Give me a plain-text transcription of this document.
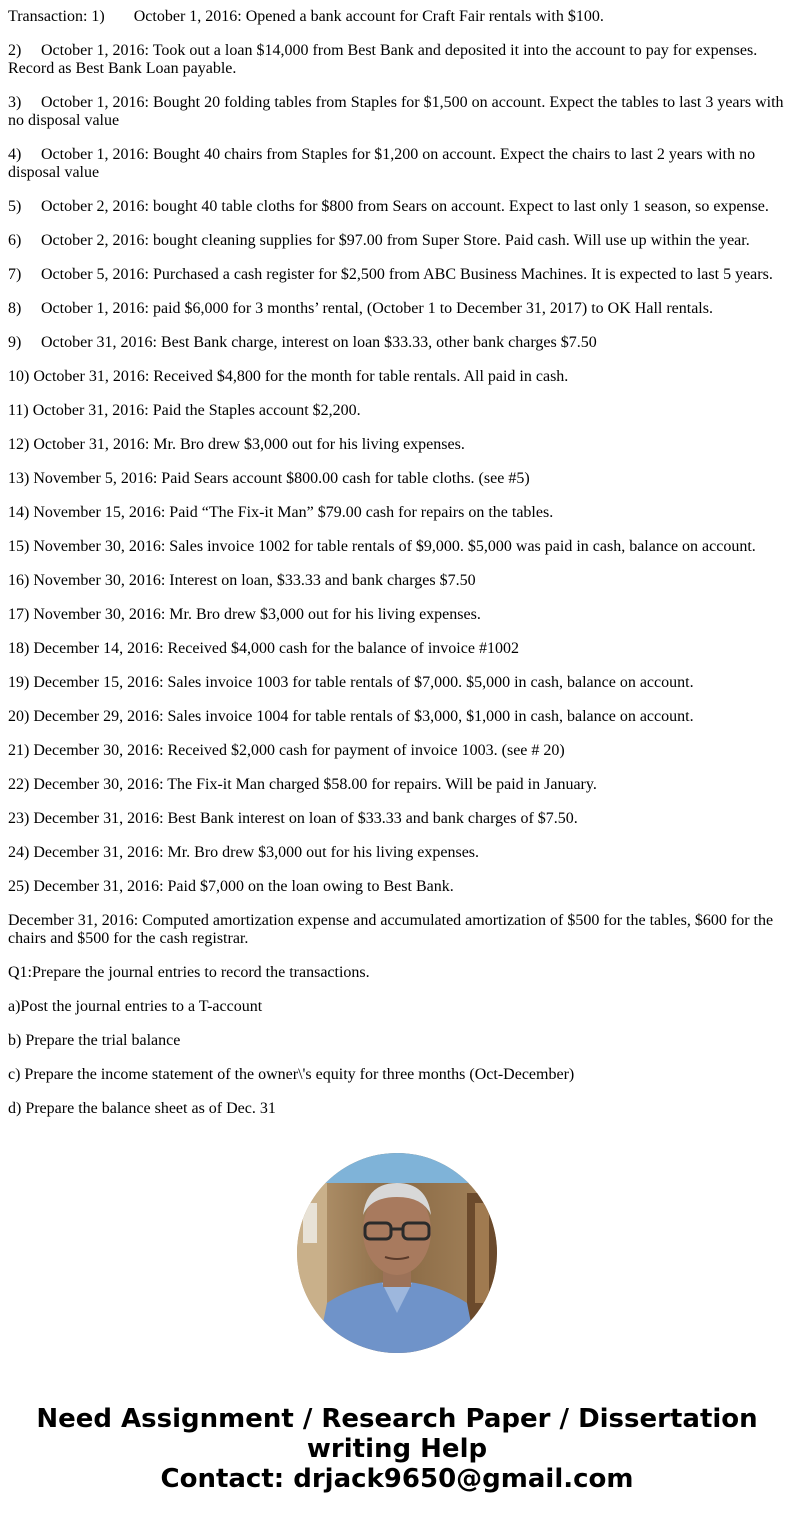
Transaction: 1) October 1, 2016: Opened a bank account for Craft Fair rentals with $100.

2) October 1, 2016: Took out a loan $14,000 from Best Bank and deposited it into the account to pay for expenses. Record as Best Bank Loan payable.

3) October 1, 2016: Bought 20 folding tables from Staples for $1,500 on account. Expect the tables to last 3 years with no disposal value

4) October 1, 2016: Bought 40 chairs from Staples for $1,200 on account. Expect the chairs to last 2 years with no disposal value

5) October 2, 2016: bought 40 table cloths for $800 from Sears on account. Expect to last only 1 season, so expense.

6) October 2, 2016: bought cleaning supplies for $97.00 from Super Store. Paid cash. Will use up within the year.

7) October 5, 2016: Purchased a cash register for $2,500 from ABC Business Machines. It is expected to last 5 years.

8) October 1, 2016: paid $6,000 for 3 months’ rental, (October 1 to December 31, 2017) to OK Hall rentals.

9) October 31, 2016: Best Bank charge, interest on loan $33.33, other bank charges $7.50

10) October 31, 2016: Received $4,800 for the month for table rentals. All paid in cash.

11) October 31, 2016: Paid the Staples account $2,200.

12) October 31, 2016: Mr. Bro drew $3,000 out for his living expenses.

13) November 5, 2016: Paid Sears account $800.00 cash for table cloths. (see #5)

14) November 15, 2016: Paid “The Fix-it Man” $79.00 cash for repairs on the tables.

15) November 30, 2016: Sales invoice 1002 for table rentals of $9,000. $5,000 was paid in cash, balance on account.

16) November 30, 2016: Interest on loan, $33.33 and bank charges $7.50

17) November 30, 2016: Mr. Bro drew $3,000 out for his living expenses.

18) December 14, 2016: Received $4,000 cash for the balance of invoice #1002

19) December 15, 2016: Sales invoice 1003 for table rentals of $7,000. $5,000 in cash, balance on account.

20) December 29, 2016: Sales invoice 1004 for table rentals of $3,000, $1,000 in cash, balance on account.

21) December 30, 2016: Received $2,000 cash for payment of invoice 1003. (see # 20)

22) December 30, 2016: The Fix-it Man charged $58.00 for repairs. Will be paid in January.

23) December 31, 2016: Best Bank interest on loan of $33.33 and bank charges of $7.50.

24) December 31, 2016: Mr. Bro drew $3,000 out for his living expenses.

25) December 31, 2016: Paid $7,000 on the loan owing to Best Bank.

December 31, 2016: Computed amortization expense and accumulated amortization of $500 for the tables, $600 for the chairs and $500 for the cash registrar.

Q1:Prepare the journal entries to record the transactions.

a)Post the journal entries to a T-account

b) Prepare the trial balance

c) Prepare the income statement of the owner\'s equity for three months (Oct-December)

d) Prepare the balance sheet as of Dec. 31

Need Assignment / Research Paper / Dissertation
writing Help
Contact: drjack9650@gmail.com
